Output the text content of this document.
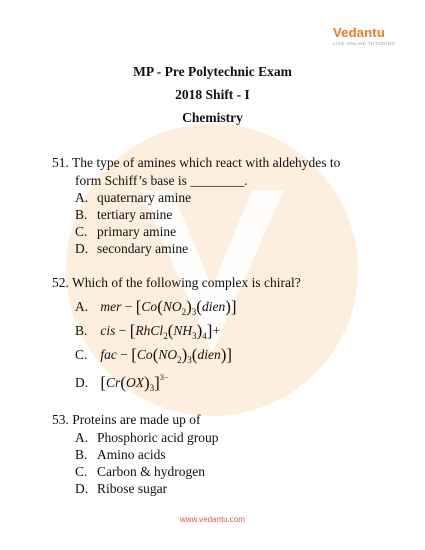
Vedantu
LIVE ONLINE TUTORING
MP - Pre Polytechnic Exam
2018 Shift - I
Chemistry
51. The type of amines which react with aldehydes to
form Schiff’s base is ________.
A. quaternary amine
B. tertiary amine
C. primary amine
D. secondary amine
52. Which of the following complex is chiral?
A. mer − $[Co(NO_2)_3(dien)]$
B. cis − $[RhCl_2(NH_3)_4]+$
C. fac − $[Co(NO_2)_3(dien)]$
D. $[Cr(OX)_3]^{3-}$
53. Proteins are made up of
A. Phosphoric acid group
B. Amino acids
C. Carbon & hydrogen
D. Ribose sugar
www.vedantu.com
